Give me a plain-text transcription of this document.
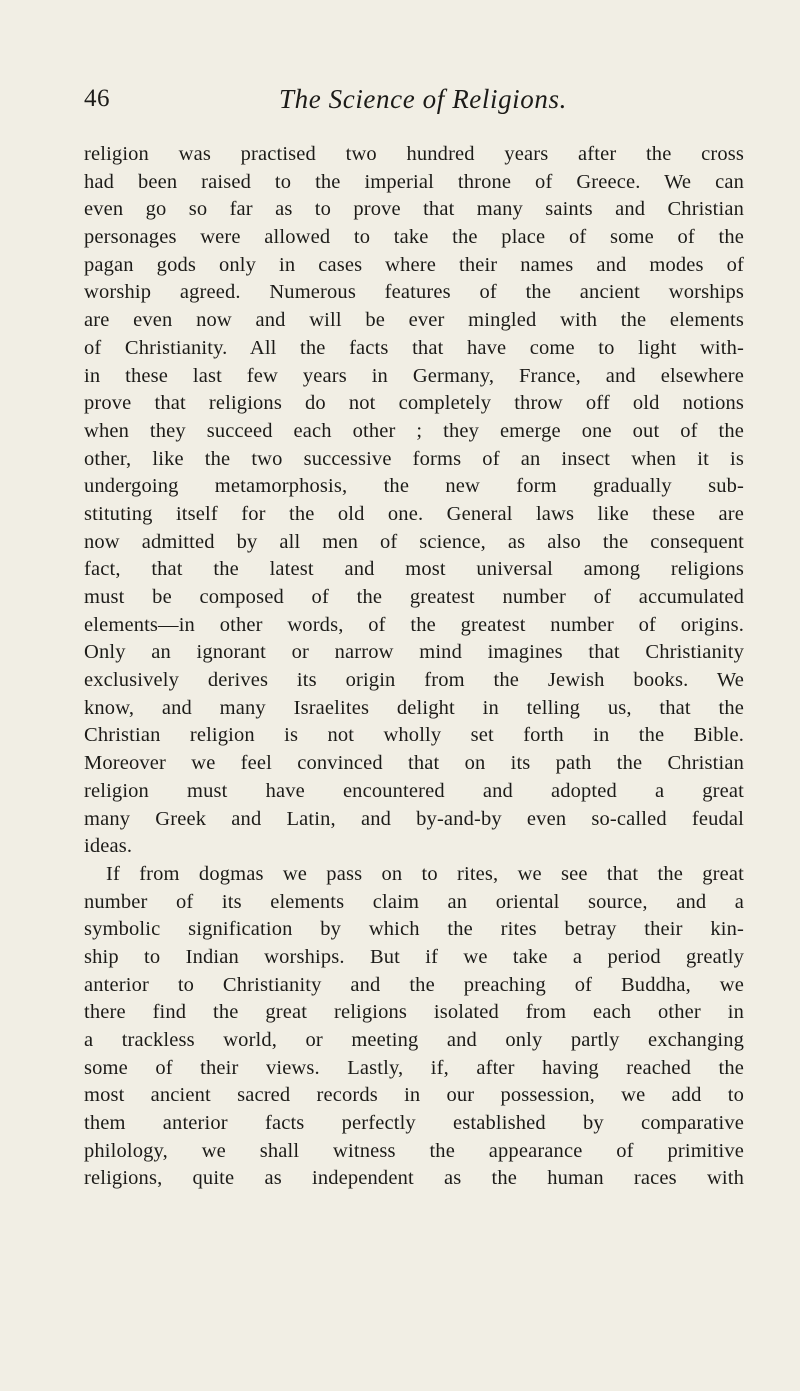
46	The Science of Religions.
religion was practised two hundred years after the cross
had been raised to the imperial throne of Greece. We can
even go so far as to prove that many saints and Christian
personages were allowed to take the place of some of the
pagan gods only in cases where their names and modes of
worship agreed. Numerous features of the ancient worships
are even now and will be ever mingled with the elements
of Christianity. All the facts that have come to light with-
in these last few years in Germany, France, and elsewhere
prove that religions do not completely throw off old notions
when they succeed each other ; they emerge one out of the
other, like the two successive forms of an insect when it is
undergoing metamorphosis, the new form gradually sub-
stituting itself for the old one. General laws like these are
now admitted by all men of science, as also the consequent
fact, that the latest and most universal among religions
must be composed of the greatest number of accumulated
elements—in other words, of the greatest number of origins.
Only an ignorant or narrow mind imagines that Christianity
exclusively derives its origin from the Jewish books. We
know, and many Israelites delight in telling us, that the
Christian religion is not wholly set forth in the Bible.
Moreover we feel convinced that on its path the Christian
religion must have encountered and adopted a great
many Greek and Latin, and by-and-by even so-called feudal
ideas.
If from dogmas we pass on to rites, we see that the great
number of its elements claim an oriental source, and a
symbolic signification by which the rites betray their kin-
ship to Indian worships. But if we take a period greatly
anterior to Christianity and the preaching of Buddha, we
there find the great religions isolated from each other in
a trackless world, or meeting and only partly exchanging
some of their views. Lastly, if, after having reached the
most ancient sacred records in our possession, we add to
them anterior facts perfectly established by comparative
philology, we shall witness the appearance of primitive
religions, quite as independent as the human races with
